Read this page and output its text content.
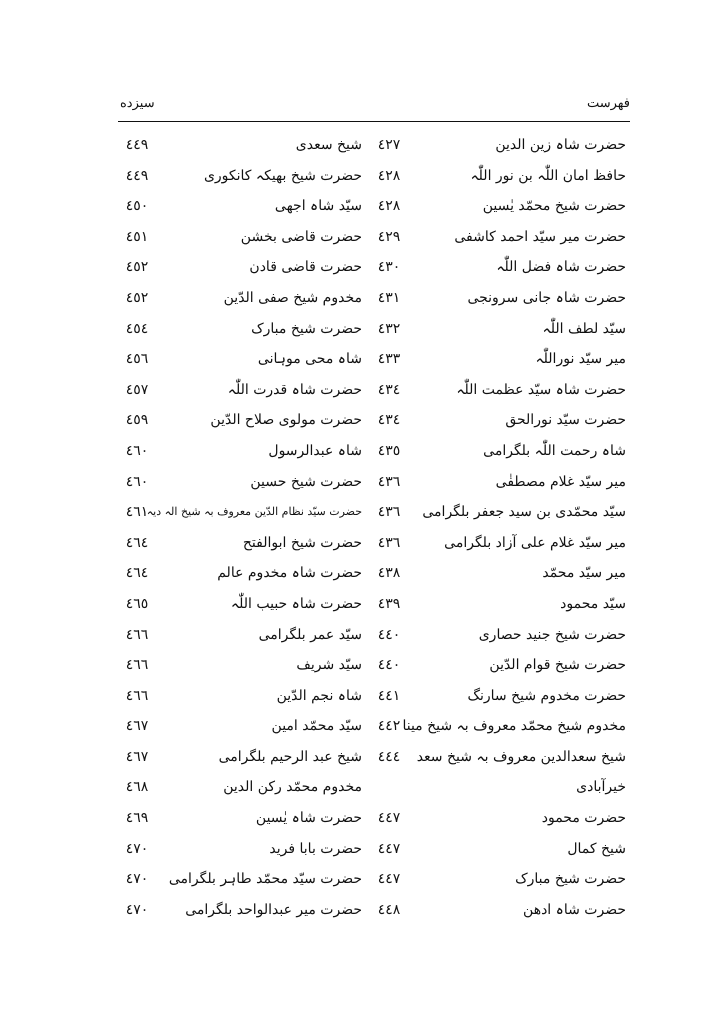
فهرست
سیزده
حضرت شاہ زین الدین
٤٢٧
شیخ سعدی
٤٤٩
حافظ امان اللّٰہ بن نور اللّٰہ
٤٢٨
حضرت شیخ بھیکہ کانکوری
٤٤٩
حضرت شیخ محمّد یٰسین
٤٢٨
سیّد شاہ اجھی
٤٥٠
حضرت میر سیّد احمد کاشفی
٤٢٩
حضرت قاضی بخشن
٤٥١
حضرت شاہ فضل اللّٰہ
٤٣٠
حضرت قاضی قادن
٤٥٢
حضرت شاہ جانی سرونجی
٤٣١
مخدوم شیخ صفی الدّین
٤٥٢
سیّد لطف اللّٰہ
٤٣٢
حضرت شیخ مبارک
٤٥٤
میر سیّد نوراللّٰہ
٤٣٣
شاہ محی موہانی
٤٥٦
حضرت شاہ سیّد عظمت اللّٰہ
٤٣٤
حضرت شاہ قدرت اللّٰہ
٤٥٧
حضرت سیّد نورالحق
٤٣٤
حضرت مولوی صلاح الدّین
٤٥٩
شاہ رحمت اللّٰہ بلگرامی
٤٣٥
شاہ عبدالرسول
٤٦٠
میر سیّد غلام مصطفٰی
٤٣٦
حضرت شیخ حسین
٤٦٠
سیّد محمّدی بن سید جعفر بلگرامی
٤٣٦
حضرت سیّد نظام الدّین معروف بہ شیخ الہ دیہ
٤٦١
میر سیّد غلام علی آزاد بلگرامی
٤٣٦
حضرت شیخ ابوالفتح
٤٦٤
میر سیّد محمّد
٤٣٨
حضرت شاہ مخدوم عالم
٤٦٤
سیّد محمود
٤٣٩
حضرت شاہ حبیب اللّٰہ
٤٦٥
حضرت شیخ جنید حصاری
٤٤٠
سیّد عمر بلگرامی
٤٦٦
حضرت شیخ قوام الدّین
٤٤٠
سیّد شریف
٤٦٦
حضرت مخدوم شیخ سارنگ
٤٤١
شاہ نجم الدّین
٤٦٦
مخدوم شیخ محمّد معروف بہ شیخ مینا
٤٤٢
سیّد محمّد امین
٤٦٧
شیخ سعدالدین معروف بہ شیخ سعد
٤٤٤
شیخ عبد الرحیم بلگرامی
٤٦٧
خیرآبادی
مخدوم محمّد رکن الدین
٤٦٨
حضرت محمود
٤٤٧
حضرت شاہ یٰسین
٤٦٩
شیخ کمال
٤٤٧
حضرت بابا فرید
٤٧٠
حضرت شیخ مبارک
٤٤٧
حضرت سیّد محمّد طاہر بلگرامی
٤٧٠
حضرت شاہ ادھن
٤٤٨
حضرت میر عبدالواحد بلگرامی
٤٧٠
